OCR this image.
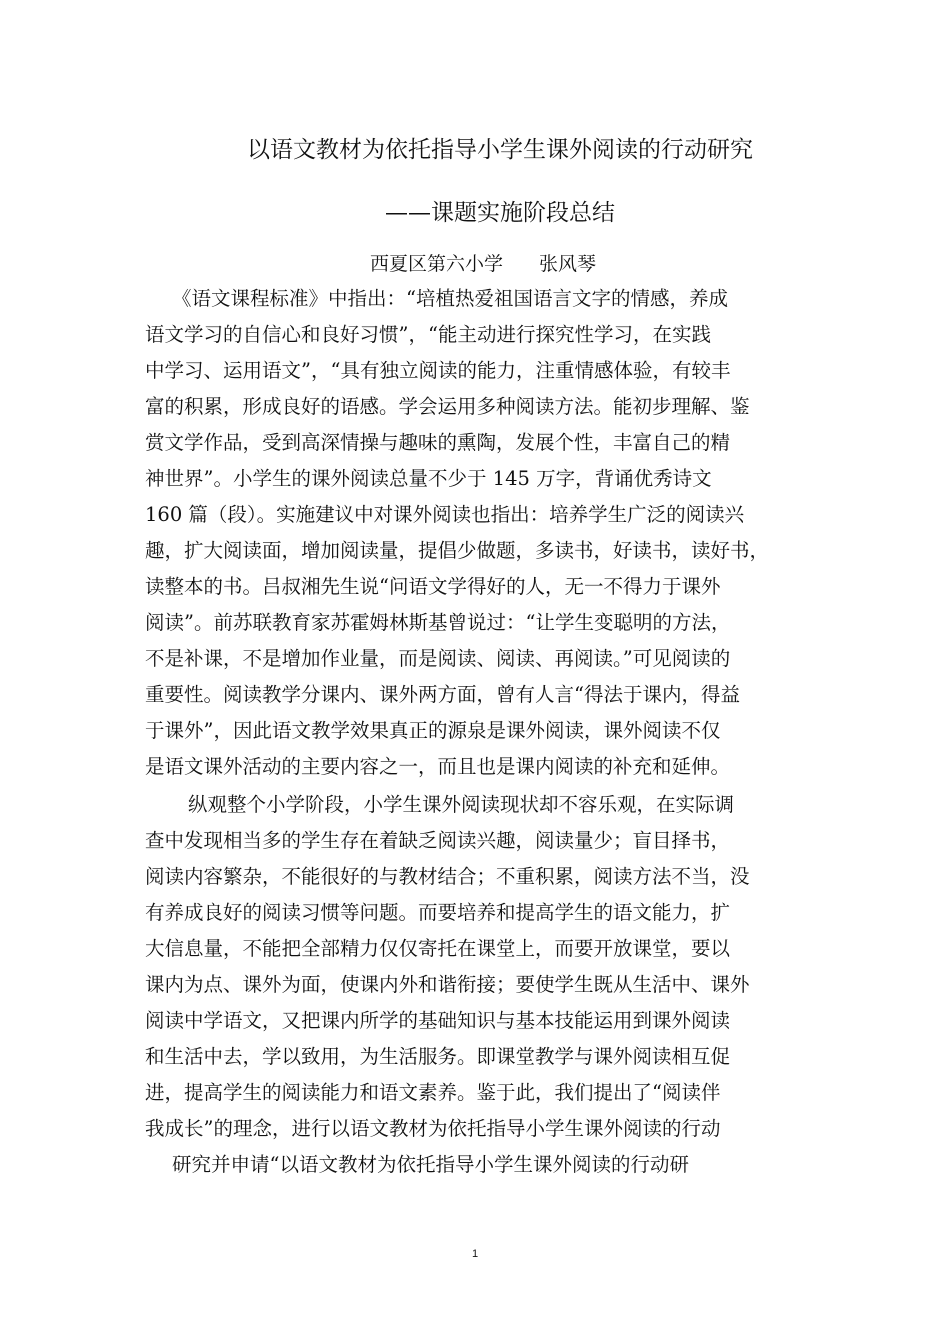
以语文教材为依托指导小学生课外阅读的行动研究
——课题实施阶段总结
西夏区第六小学 张风琴
《语文课程标准》中指出：“培植热爱祖国语言文字的情感，养成
语文学习的自信心和良好习惯”，“能主动进行探究性学习，在实践
中学习、运用语文”，“具有独立阅读的能力，注重情感体验，有较丰
富的积累，形成良好的语感。学会运用多种阅读方法。能初步理解、鉴
赏文学作品，受到高深情操与趣味的熏陶，发展个性，丰富自己的精
神世界”。小学生的课外阅读总量不少于 145 万字，背诵优秀诗文
160 篇（段）。实施建议中对课外阅读也指出：培养学生广泛的阅读兴
趣，扩大阅读面，增加阅读量，提倡少做题，多读书，好读书，读好书，
读整本的书。吕叔湘先生说“问语文学得好的人，无一不得力于课外
阅读”。前苏联教育家苏霍姆林斯基曾说过：“让学生变聪明的方法，
不是补课，不是增加作业量，而是阅读、阅读、再阅读。”可见阅读的
重要性。阅读教学分课内、课外两方面，曾有人言“得法于课内，得益
于课外”，因此语文教学效果真正的源泉是课外阅读，课外阅读不仅
是语文课外活动的主要内容之一，而且也是课内阅读的补充和延伸。
纵观整个小学阶段，小学生课外阅读现状却不容乐观，在实际调
查中发现相当多的学生存在着缺乏阅读兴趣，阅读量少；盲目择书，
阅读内容繁杂，不能很好的与教材结合；不重积累，阅读方法不当，没
有养成良好的阅读习惯等问题。而要培养和提高学生的语文能力，扩
大信息量，不能把全部精力仅仅寄托在课堂上，而要开放课堂，要以
课内为点、课外为面，使课内外和谐衔接；要使学生既从生活中、课外
阅读中学语文，又把课内所学的基础知识与基本技能运用到课外阅读
和生活中去，学以致用，为生活服务。即课堂教学与课外阅读相互促
进，提高学生的阅读能力和语文素养。鉴于此，我们提出了“阅读伴
我成长”的理念，进行以语文教材为依托指导小学生课外阅读的行动
研究并申请“以语文教材为依托指导小学生课外阅读的行动研
1
